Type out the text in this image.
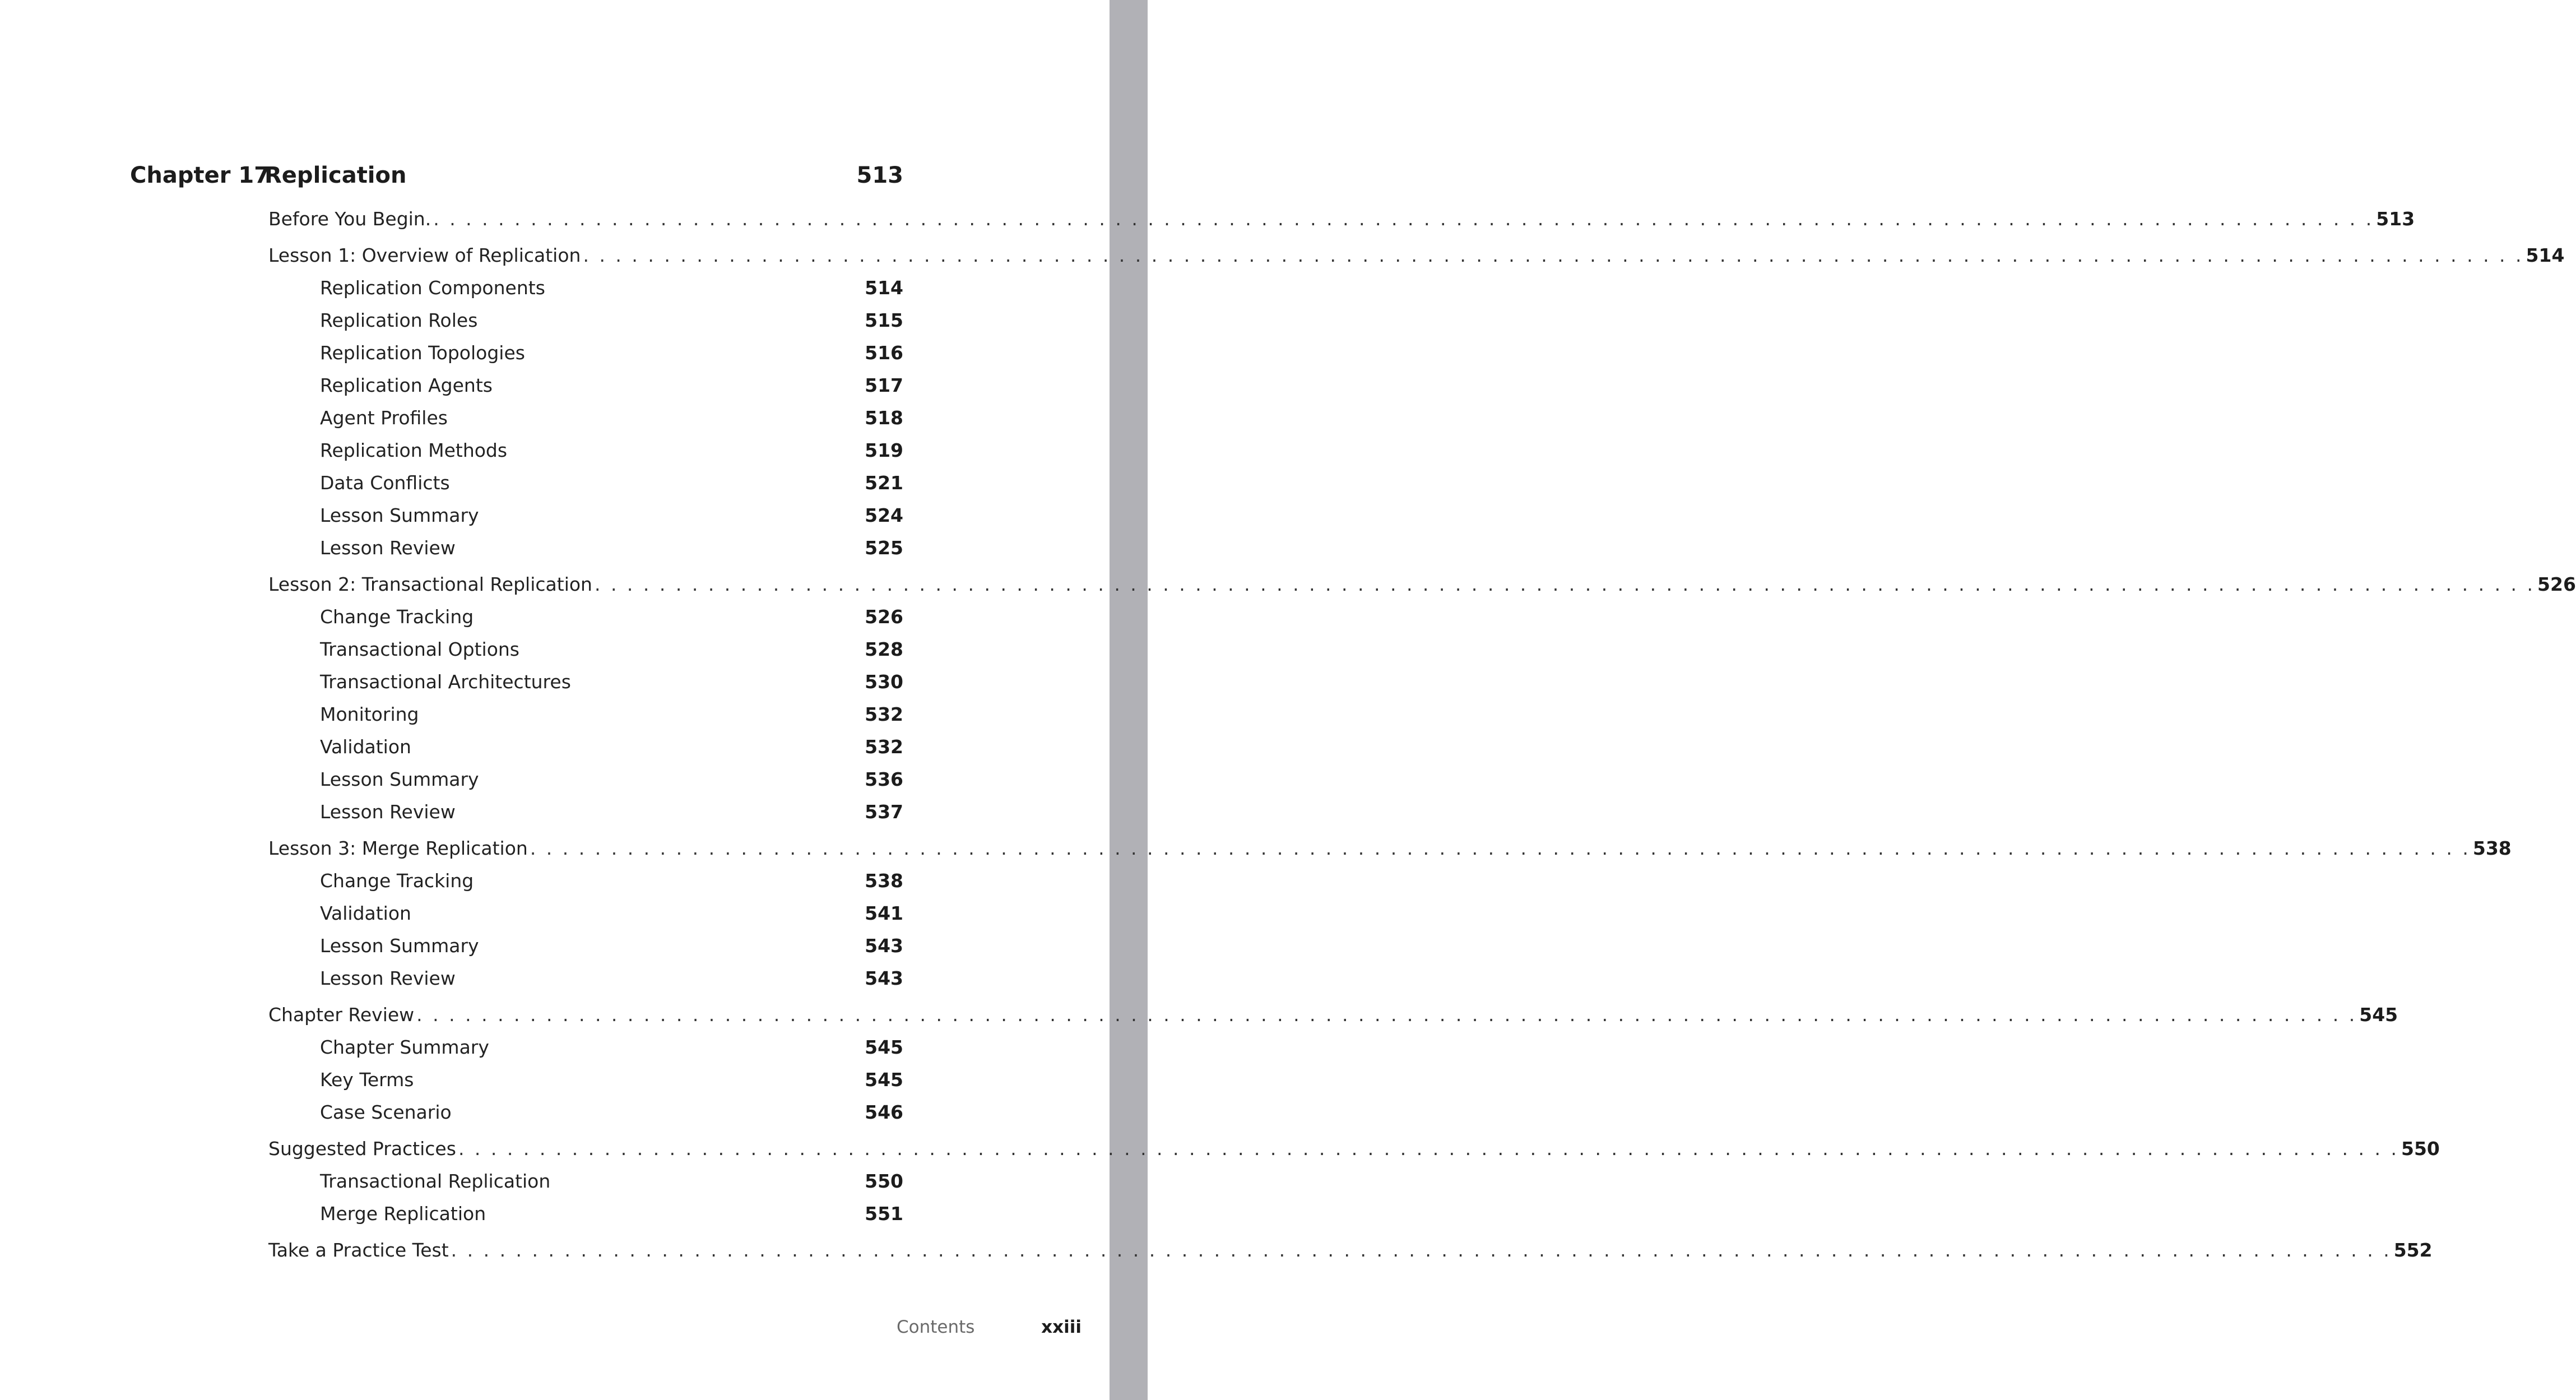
Chapter 17
Replication	513
Before You Begin. . . . . . . . . . . . . . . . . . . . . . . . . . . . . . . . . . . . . . . . . . . . . . . . . . . . . . . . . . . . . . . . . . . . . . . . . . . . . . . . . . . . . . . . . . . . . . . . . . . . . . . . . . . . . . . . . . . . . . . . . 513
Lesson 1: Overview of Replication . . . . . . . . . . . . . . . . . . . . . . . . . . . . . . . . . . . . . . . . . . . . . . . . . . . . . . . . . . . . . . . . . . . . . . . . . . . . . . . . . . . . . . . . . . . . . . . . . . . . . . . . . . . . . . . . . . . . . . . . 514
Replication Components	514
Replication Roles	515
Replication Topologies	516
Replication Agents	517
Agent Profiles	518
Replication Methods	519
Data Conflicts	521
Lesson Summary	524
Lesson Review	525
Lesson 2: Transactional Replication . . . . . . . . . . . . . . . . . . . . . . . . . . . . . . . . . . . . . . . . . . . . . . . . . . . . . . . . . . . . . . . . . . . . . . . . . . . . . . . . . . . . . . . . . . . . . . . . . . . . . . . . . . . . . . . . . . . . . . . . 526
Change Tracking	526
Transactional Options	528
Transactional Architectures	530
Monitoring	532
Validation	532
Lesson Summary	536
Lesson Review	537
Lesson 3: Merge Replication . . . . . . . . . . . . . . . . . . . . . . . . . . . . . . . . . . . . . . . . . . . . . . . . . . . . . . . . . . . . . . . . . . . . . . . . . . . . . . . . . . . . . . . . . . . . . . . . . . . . . . . . . . . . . . . . . . . . . . . . 538
Change Tracking	538
Validation	541
Lesson Summary	543
Lesson Review	543
Chapter Review . . . . . . . . . . . . . . . . . . . . . . . . . . . . . . . . . . . . . . . . . . . . . . . . . . . . . . . . . . . . . . . . . . . . . . . . . . . . . . . . . . . . . . . . . . . . . . . . . . . . . . . . . . . . . . . . . . . . . . . . 545
Chapter Summary	545
Key Terms	545
Case Scenario	546
Suggested Practices . . . . . . . . . . . . . . . . . . . . . . . . . . . . . . . . . . . . . . . . . . . . . . . . . . . . . . . . . . . . . . . . . . . . . . . . . . . . . . . . . . . . . . . . . . . . . . . . . . . . . . . . . . . . . . . . . . . . . . . . 550
Transactional Replication	550
Merge Replication	551
Take a Practice Test . . . . . . . . . . . . . . . . . . . . . . . . . . . . . . . . . . . . . . . . . . . . . . . . . . . . . . . . . . . . . . . . . . . . . . . . . . . . . . . . . . . . . . . . . . . . . . . . . . . . . . . . . . . . . . . . . . . . . . . . 552
Contents	xxiii
